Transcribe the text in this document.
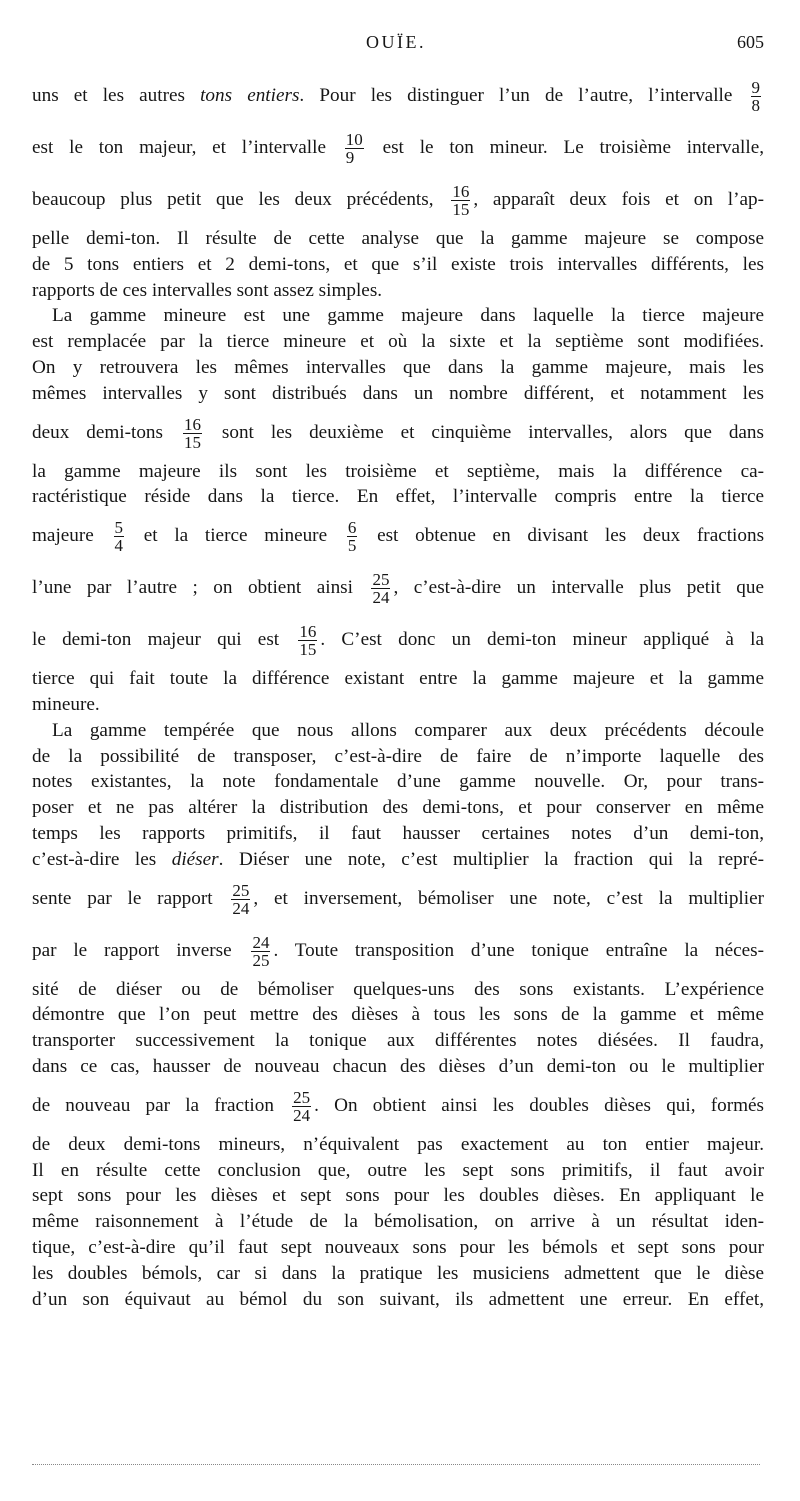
OUÏE.	605

uns et les autres tons entiers. Pour les distinguer l’un de l’autre, l’intervalle $\frac{9}{8}$
est le ton majeur, et l’intervalle $\frac{10}{9}$ est le ton mineur. Le troisième intervalle,
beaucoup plus petit que les deux précédents, $\frac{16}{15}$ , apparaît deux fois et on l’ap-
pelle demi-ton. Il résulte de cette analyse que la gamme majeure se compose
de 5 tons entiers et 2 demi-tons, et que s’il existe trois intervalles différents, les
rapports de ces intervalles sont assez simples.

La gamme mineure est une gamme majeure dans laquelle la tierce majeure
est remplacée par la tierce mineure et où la sixte et la septième sont modifiées.
On y retrouvera les mêmes intervalles que dans la gamme majeure, mais les
mêmes intervalles y sont distribués dans un nombre différent, et notamment les
deux demi-tons $\frac{16}{15}$ sont les deuxième et cinquième intervalles, alors que dans
la gamme majeure ils sont les troisième et septième, mais la différence ca-
ractéristique réside dans la tierce. En effet, l’intervalle compris entre la tierce
majeure $\frac{5}{4}$ et la tierce mineure $\frac{6}{5}$ est obtenue en divisant les deux fractions
l’une par l’autre ; on obtient ainsi $\frac{25}{24}$ , c’est-à-dire un intervalle plus petit que
le demi-ton majeur qui est $\frac{16}{15}$ . C’est donc un demi-ton mineur appliqué à la
tierce qui fait toute la différence existant entre la gamme majeure et la gamme
mineure.

La gamme tempérée que nous allons comparer aux deux précédents découle
de la possibilité de transposer, c’est-à-dire de faire de n’importe laquelle des
notes existantes, la note fondamentale d’une gamme nouvelle. Or, pour trans-
poser et ne pas altérer la distribution des demi-tons, et pour conserver en même
temps les rapports primitifs, il faut hausser certaines notes d’un demi-ton,
c’est-à-dire les diéser. Diéser une note, c’est multiplier la fraction qui la repré-
sente par le rapport $\frac{25}{24}$ , et inversement, bémoliser une note, c’est la multiplier
par le rapport inverse $\frac{24}{25}$ . Toute transposition d’une tonique entraîne la néces-
sité de diéser ou de bémoliser quelques-uns des sons existants. L’expérience
démontre que l’on peut mettre des dièses à tous les sons de la gamme et même
transporter successivement la tonique aux différentes notes diésées. Il faudra,
dans ce cas, hausser de nouveau chacun des dièses d’un demi-ton ou le multiplier
de nouveau par la fraction $\frac{25}{24}$ . On obtient ainsi les doubles dièses qui, formés
de deux demi-tons mineurs, n’équivalent pas exactement au ton entier majeur.
Il en résulte cette conclusion que, outre les sept sons primitifs, il faut avoir
sept sons pour les dièses et sept sons pour les doubles dièses. En appliquant le
même raisonnement à l’étude de la bémolisation, on arrive à un résultat iden-
tique, c’est-à-dire qu’il faut sept nouveaux sons pour les bémols et sept sons pour
les doubles bémols, car si dans la pratique les musiciens admettent que le dièse
d’un son équivaut au bémol du son suivant, ils admettent une erreur. En effet,
